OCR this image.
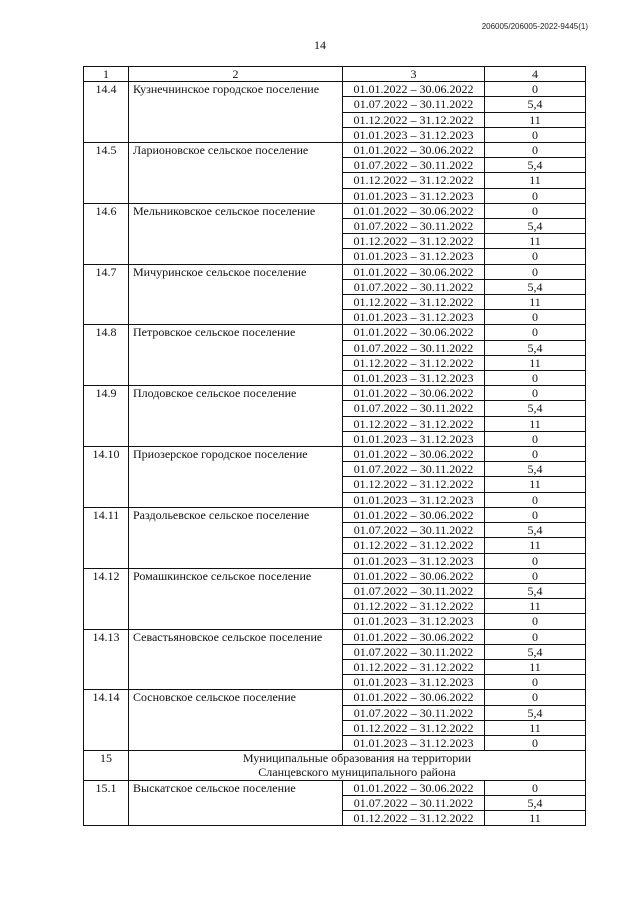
206005/206005-2022-9445(1)
14
1	2	3	4
14.4	Кузнечнинское городское поселение	01.01.2022 – 30.06.2022	0
		01.07.2022 – 30.11.2022	5,4
		01.12.2022 – 31.12.2022	11
		01.01.2023 – 31.12.2023	0
14.5	Ларионовское сельское поселение	01.01.2022 – 30.06.2022	0
		01.07.2022 – 30.11.2022	5,4
		01.12.2022 – 31.12.2022	11
		01.01.2023 – 31.12.2023	0
14.6	Мельниковское сельское поселение	01.01.2022 – 30.06.2022	0
		01.07.2022 – 30.11.2022	5,4
		01.12.2022 – 31.12.2022	11
		01.01.2023 – 31.12.2023	0
14.7	Мичуринское сельское поселение	01.01.2022 – 30.06.2022	0
		01.07.2022 – 30.11.2022	5,4
		01.12.2022 – 31.12.2022	11
		01.01.2023 – 31.12.2023	0
14.8	Петровское сельское поселение	01.01.2022 – 30.06.2022	0
		01.07.2022 – 30.11.2022	5,4
		01.12.2022 – 31.12.2022	11
		01.01.2023 – 31.12.2023	0
14.9	Плодовское сельское поселение	01.01.2022 – 30.06.2022	0
		01.07.2022 – 30.11.2022	5,4
		01.12.2022 – 31.12.2022	11
		01.01.2023 – 31.12.2023	0
14.10	Приозерское городское поселение	01.01.2022 – 30.06.2022	0
		01.07.2022 – 30.11.2022	5,4
		01.12.2022 – 31.12.2022	11
		01.01.2023 – 31.12.2023	0
14.11	Раздольевское сельское поселение	01.01.2022 – 30.06.2022	0
		01.07.2022 – 30.11.2022	5,4
		01.12.2022 – 31.12.2022	11
		01.01.2023 – 31.12.2023	0
14.12	Ромашкинское сельское поселение	01.01.2022 – 30.06.2022	0
		01.07.2022 – 30.11.2022	5,4
		01.12.2022 – 31.12.2022	11
		01.01.2023 – 31.12.2023	0
14.13	Севастьяновское сельское поселение	01.01.2022 – 30.06.2022	0
		01.07.2022 – 30.11.2022	5,4
		01.12.2022 – 31.12.2022	11
		01.01.2023 – 31.12.2023	0
14.14	Сосновское сельское поселение	01.01.2022 – 30.06.2022	0
		01.07.2022 – 30.11.2022	5,4
		01.12.2022 – 31.12.2022	11
		01.01.2023 – 31.12.2023	0
15	Муниципальные образования на территории
Сланцевского муниципального района		

15.1	Выскатское сельское поселение	01.01.2022 – 30.06.2022	0
		01.07.2022 – 30.11.2022	5,4
		01.12.2022 – 31.12.2022	11
